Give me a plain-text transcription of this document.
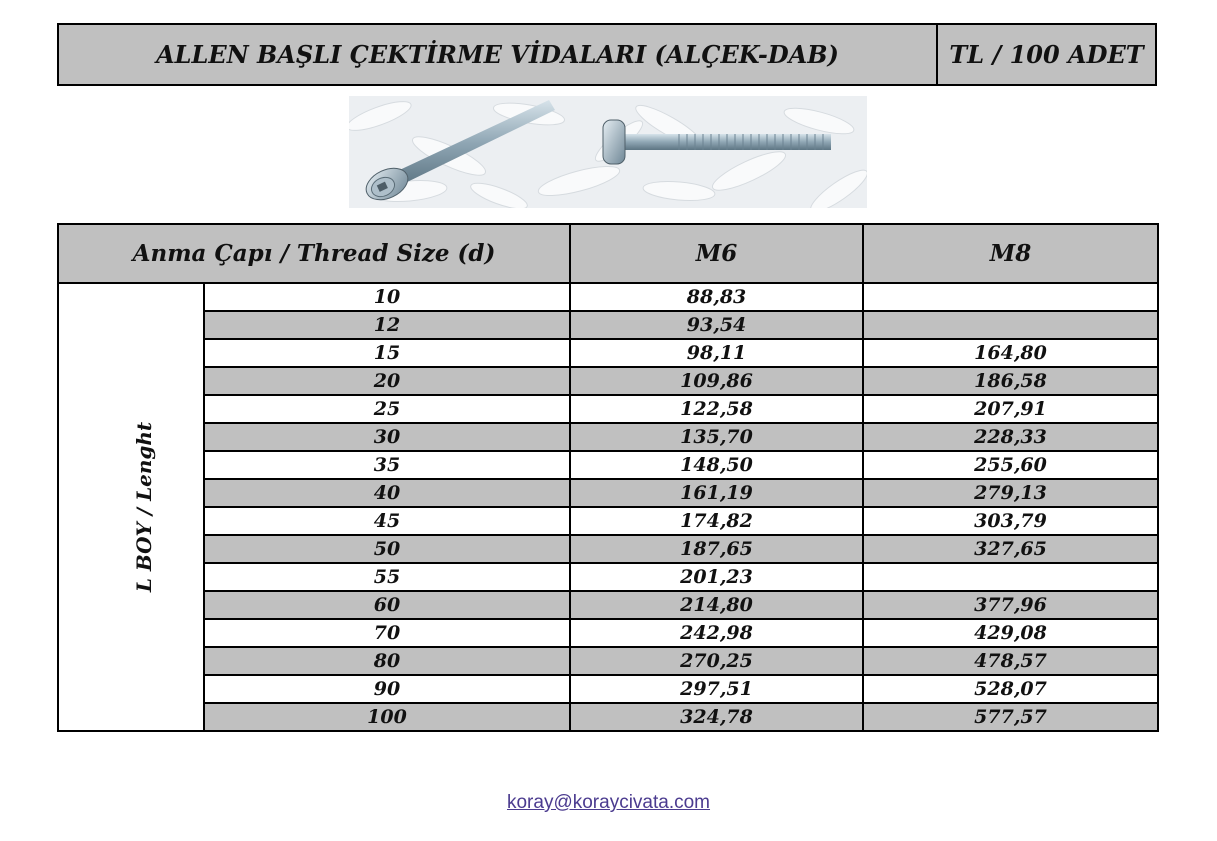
ALLEN BAŞLI ÇEKTİRME VİDALARI (ALÇEK-DAB)	TL / 100 ADET
Anma Çapı / Thread Size (d)		M6	M8
L BOY / Lenght	10	88,83	
	12	93,54	
	15	98,11	164,80
	20	109,86	186,58
	25	122,58	207,91
	30	135,70	228,33
	35	148,50	255,60
	40	161,19	279,13
	45	174,82	303,79
	50	187,65	327,65
	55	201,23	
	60	214,80	377,96
	70	242,98	429,08
	80	270,25	478,57
	90	297,51	528,07
	100	324,78	577,57
koray@koraycivata.com
